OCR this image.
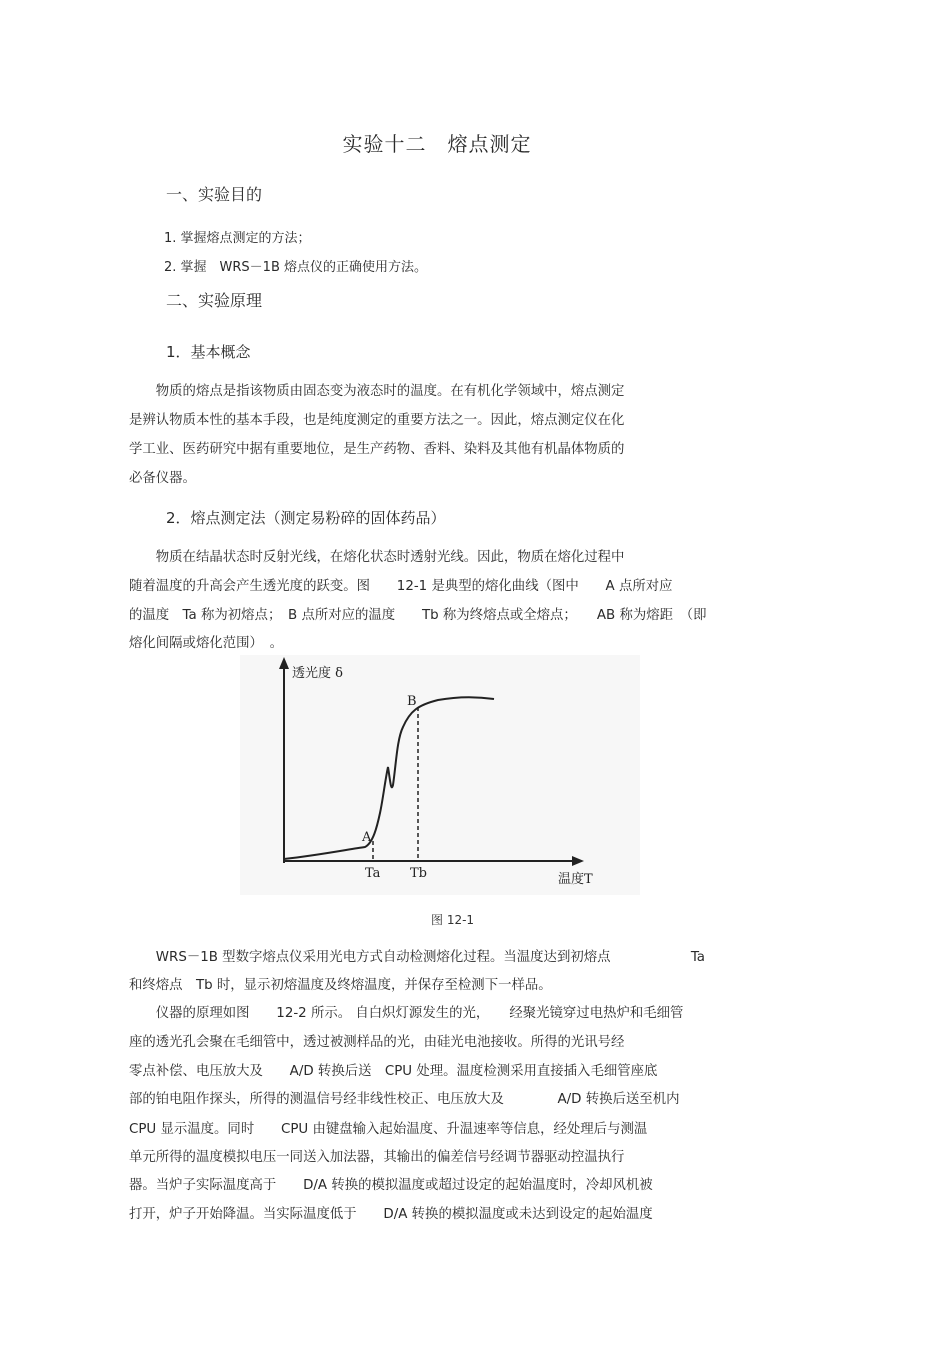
实验十二　熔点测定
一、实验目的
1. 掌握熔点测定的方法；
2. 掌握　WRS－1B 熔点仪的正确使用方法。
二、实验原理
1．基本概念
　　物质的熔点是指该物质由固态变为液态时的温度。在有机化学领域中，熔点测定
是辨认物质本性的基本手段，也是纯度测定的重要方法之一。因此，熔点测定仪在化
学工业、医药研究中据有重要地位，是生产药物、香料、染料及其他有机晶体物质的
必备仪器。
2．熔点测定法（测定易粉碎的固体药品）
　　物质在结晶状态时反射光线，在熔化状态时透射光线。因此，物质在熔化过程中
随着温度的升高会产生透光度的跃变。图　　12-1 是典型的熔化曲线（图中　　A 点所对应
的温度　Ta 称为初熔点；　B 点所对应的温度　　Tb 称为终熔点或全熔点；　　AB 称为熔距　（即
熔化间隔或熔化范围）　。
透光度 δ
A
B
Ta Tb	温度T
图 12-1
　　WRS－1B 型数字熔点仪采用光电方式自动检测熔化过程。当温度达到初熔点　　　　　　Ta
和终熔点　Tb 时，显示初熔温度及终熔温度，并保存至检测下一样品。
　　仪器的原理如图　　12-2 所示。 自白炽灯源发生的光，　　经聚光镜穿过电热炉和毛细管
座的透光孔会聚在毛细管中，透过被测样品的光，由硅光电池接收。所得的光讯号经
零点补偿、电压放大及　　A/D 转换后送　CPU 处理。温度检测采用直接插入毛细管座底
部的铂电阻作探头，所得的测温信号经非线性校正、电压放大及　　　　A/D 转换后送至机内
CPU 显示温度。同时　　CPU 由键盘输入起始温度、升温速率等信息，经处理后与测温
单元所得的温度模拟电压一同送入加法器，其输出的偏差信号经调节器驱动控温执行
器。当炉子实际温度高于　　D/A 转换的模拟温度或超过设定的起始温度时，冷却风机被
打开，炉子开始降温。当实际温度低于　　D/A 转换的模拟温度或未达到设定的起始温度
